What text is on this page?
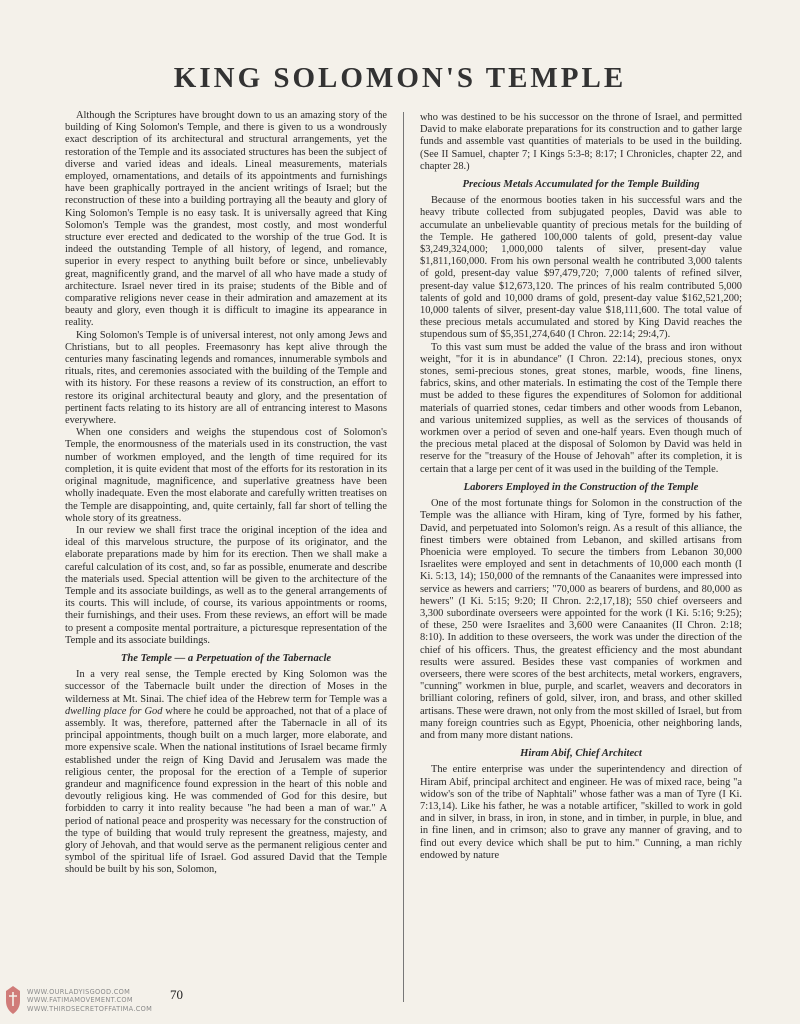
KING SOLOMON'S TEMPLE

Although the Scriptures have brought down to us an amazing story of the building of King Solomon's Temple, and there is given to us a wondrously exact description of its architectural and structural arrangements, yet the restoration of the Temple and its associated structures has been the subject of diverse and varied ideas and ideals. Lineal measurements, materials employed, ornamentations, and details of its appointments and furnishings have been graphically portrayed in the ancient writings of Israel; but the reconstruction of these into a building portraying all the beauty and glory of King Solomon's Temple is no easy task. It is universally agreed that King Solomon's Temple was the grandest, most costly, and most wonderful structure ever erected and dedicated to the worship of the true God. It is indeed the outstanding Temple of all history, of legend, and romance, superior in every respect to anything built before or since, unbelievably great, magnificently grand, and the marvel of all who have made a study of architecture. Israel never tired in its praise; students of the Bible and of comparative religions never cease in their admiration and amazement at its beauty and glory, even though it is difficult to imagine its appearance in reality.

King Solomon's Temple is of universal interest, not only among Jews and Christians, but to all peoples. Freemasonry has kept alive through the centuries many fascinating legends and romances, innumerable symbols and rituals, rites, and ceremonies associated with the building of the Temple and with its history. For these reasons a review of its construction, an effort to restore its original architectural beauty and glory, and the presentation of pertinent facts relating to its history are all of entrancing interest to Masons everywhere.

When one considers and weighs the stupendous cost of Solomon's Temple, the enormousness of the materials used in its construction, the vast number of workmen employed, and the length of time required for its completion, it is quite evident that most of the efforts for its restoration in its original magnitude, magnificence, and superlative greatness have been wholly inadequate. Even the most elaborate and carefully written treatises on the Temple are disappointing, and, quite certainly, fall far short of telling the whole story of its greatness.

In our review we shall first trace the original inception of the idea and ideal of this marvelous structure, the purpose of its originator, and the elaborate preparations made by him for its erection. Then we shall make a careful calculation of its cost, and, so far as possible, enumerate and describe the materials used. Special attention will be given to the architecture of the Temple and its associate buildings, as well as to the general arrangements of its courts. This will include, of course, its various appointments or rooms, their furnishings, and their uses. From these reviews, an effort will be made to present a composite mental portraiture, a picturesque representation of the Temple and its associate buildings.

The Temple — a Perpetuation of the Tabernacle

In a very real sense, the Temple erected by King Solomon was the successor of the Tabernacle built under the direction of Moses in the wilderness at Mt. Sinai. The chief idea of the Hebrew term for Temple was a dwelling place for God where he could be approached, not that of a place of assembly. It was, therefore, patterned after the Tabernacle in all of its principal appointments, though built on a much larger, more elaborate, and more expensive scale. When the national institutions of Israel became firmly established under the reign of King David and Jerusalem was made the religious center, the proposal for the erection of a Temple of superior grandeur and magnificence found expression in the heart of this noble and devoutly religious king. He was commended of God for this desire, but forbidden to carry it into reality because "he had been a man of war." A period of national peace and prosperity was necessary for the construction of the type of building that would truly represent the greatness, majesty, and glory of Jehovah, and that would serve as the permanent religious center and symbol of the spiritual life of Israel. God assured David that the Temple should be built by his son, Solomon,

who was destined to be his successor on the throne of Israel, and permitted David to make elaborate preparations for its construction and to gather large funds and assemble vast quantities of materials to be used in the building. (See II Samuel, chapter 7; I Kings 5:3-8; 8:17; I Chronicles, chapter 22, and chapter 28.)

Precious Metals Accumulated for the Temple Building

Because of the enormous booties taken in his successful wars and the heavy tribute collected from subjugated peoples, David was able to accumulate an unbelievable quantity of precious metals for the building of the Temple. He gathered 100,000 talents of gold, present-day value $3,249,324,000; 1,000,000 talents of silver, present-day value $1,811,160,000. From his own personal wealth he contributed 3,000 talents of gold, present-day value $97,479,720; 7,000 talents of refined silver, present-day value $12,673,120. The princes of his realm contributed 5,000 talents of gold and 10,000 drams of gold, present-day value $162,521,200; 10,000 talents of silver, present-day value $18,111,600. The total value of these precious metals accumulated and stored by King David reaches the stupendous sum of $5,351,274,640 (I Chron. 22:14; 29:4,7).

To this vast sum must be added the value of the brass and iron without weight, "for it is in abundance" (I Chron. 22:14), precious stones, onyx stones, semi-precious stones, great stones, marble, woods, fine linens, fabrics, skins, and other materials. In estimating the cost of the Temple there must be added to these figures the expenditures of Solomon for additional materials of quarried stones, cedar timbers and other woods from Lebanon, and various unitemized supplies, as well as the services of thousands of workmen over a period of seven and one-half years. Even though much of the precious metal placed at the disposal of Solomon by David was held in reserve for the "treasury of the House of Jehovah" after its completion, it is certain that a large per cent of it was used in the building of the Temple.

Laborers Employed in the Construction of the Temple

One of the most fortunate things for Solomon in the construction of the Temple was the alliance with Hiram, king of Tyre, formed by his father, David, and perpetuated into Solomon's reign. As a result of this alliance, the finest timbers were obtained from Lebanon, and skilled artisans from Phoenicia were employed. To secure the timbers from Lebanon 30,000 Israelites were employed and sent in detachments of 10,000 each month (I Ki. 5:13, 14); 150,000 of the remnants of the Canaanites were impressed into service as hewers and carriers; "70,000 as bearers of burdens, and 80,000 as hewers" (I Ki. 5:15; 9:20; II Chron. 2:2,17,18); 550 chief overseers and 3,300 subordinate overseers were appointed for the work (I Ki. 5:16; 9:25); of these, 250 were Israelites and 3,600 were Canaanites (II Chron. 2:18; 8:10). In addition to these overseers, the work was under the direction of the chief of his officers. Thus, the greatest efficiency and the most abundant results were assured. Besides these vast companies of workmen and overseers, there were scores of the best architects, metal workers, engravers, "cunning" workmen in blue, purple, and scarlet, weavers and decorators in brilliant coloring, refiners of gold, silver, iron, and brass, and other skilled artisans. These were drawn, not only from the most skilled of Israel, but from many foreign countries such as Egypt, Phoenicia, other neighboring lands, and from many more distant nations.

Hiram Abif, Chief Architect

The entire enterprise was under the superintendency and direction of Hiram Abif, principal architect and engineer. He was of mixed race, being "a widow's son of the tribe of Naphtali" whose father was a man of Tyre (I Ki. 7:13,14). Like his father, he was a notable artificer, "skilled to work in gold and in silver, in brass, in iron, in stone, and in timber, in purple, in blue, and in fine linen, and in crimson; also to grave any manner of graving, and to find out every device which shall be put to him." Cunning, a man richly endowed by nature

WWW.OURLADYISGOOD.COM
WWW.FATIMAMOVEMENT.COM
WWW.THIRDSECRETOFFATIMA.COM
70
